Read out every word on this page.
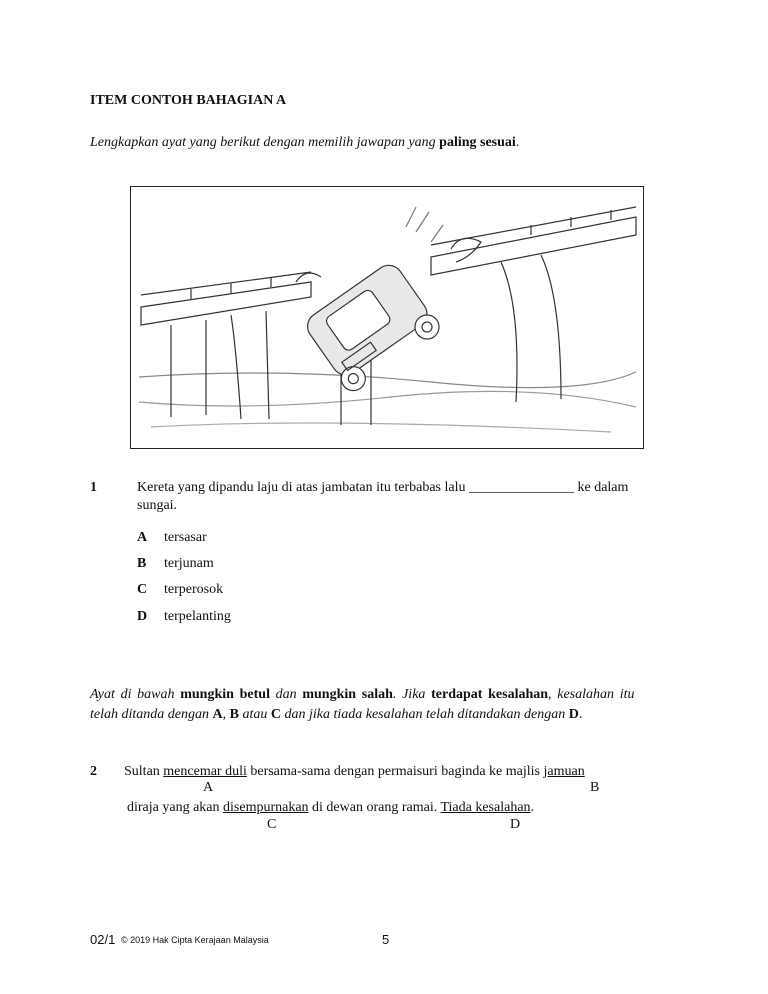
ITEM CONTOH BAHAGIAN A
Lengkapkan ayat yang berikut dengan memilih jawapan yang paling sesuai.
1	Kereta yang dipandu laju di atas jambatan itu terbabas lalu _______________ ke dalam
sungai.
A tersasar
B terjunam
C terperosok
D terpelanting
Ayat di bawah mungkin betul dan mungkin salah. Jika terdapat kesalahan, kesalahan itu
telah ditanda dengan A, B atau C dan jika tiada kesalahan telah ditandakan dengan D.
2 Sultan mencemar duli bersama-sama dengan permaisuri baginda ke majlis jamuan
A	B
diraja yang akan disempurnakan di dewan orang ramai. Tiada kesalahan.
C	D
02/1 © 2019 Hak Cipta Kerajaan Malaysia	5
